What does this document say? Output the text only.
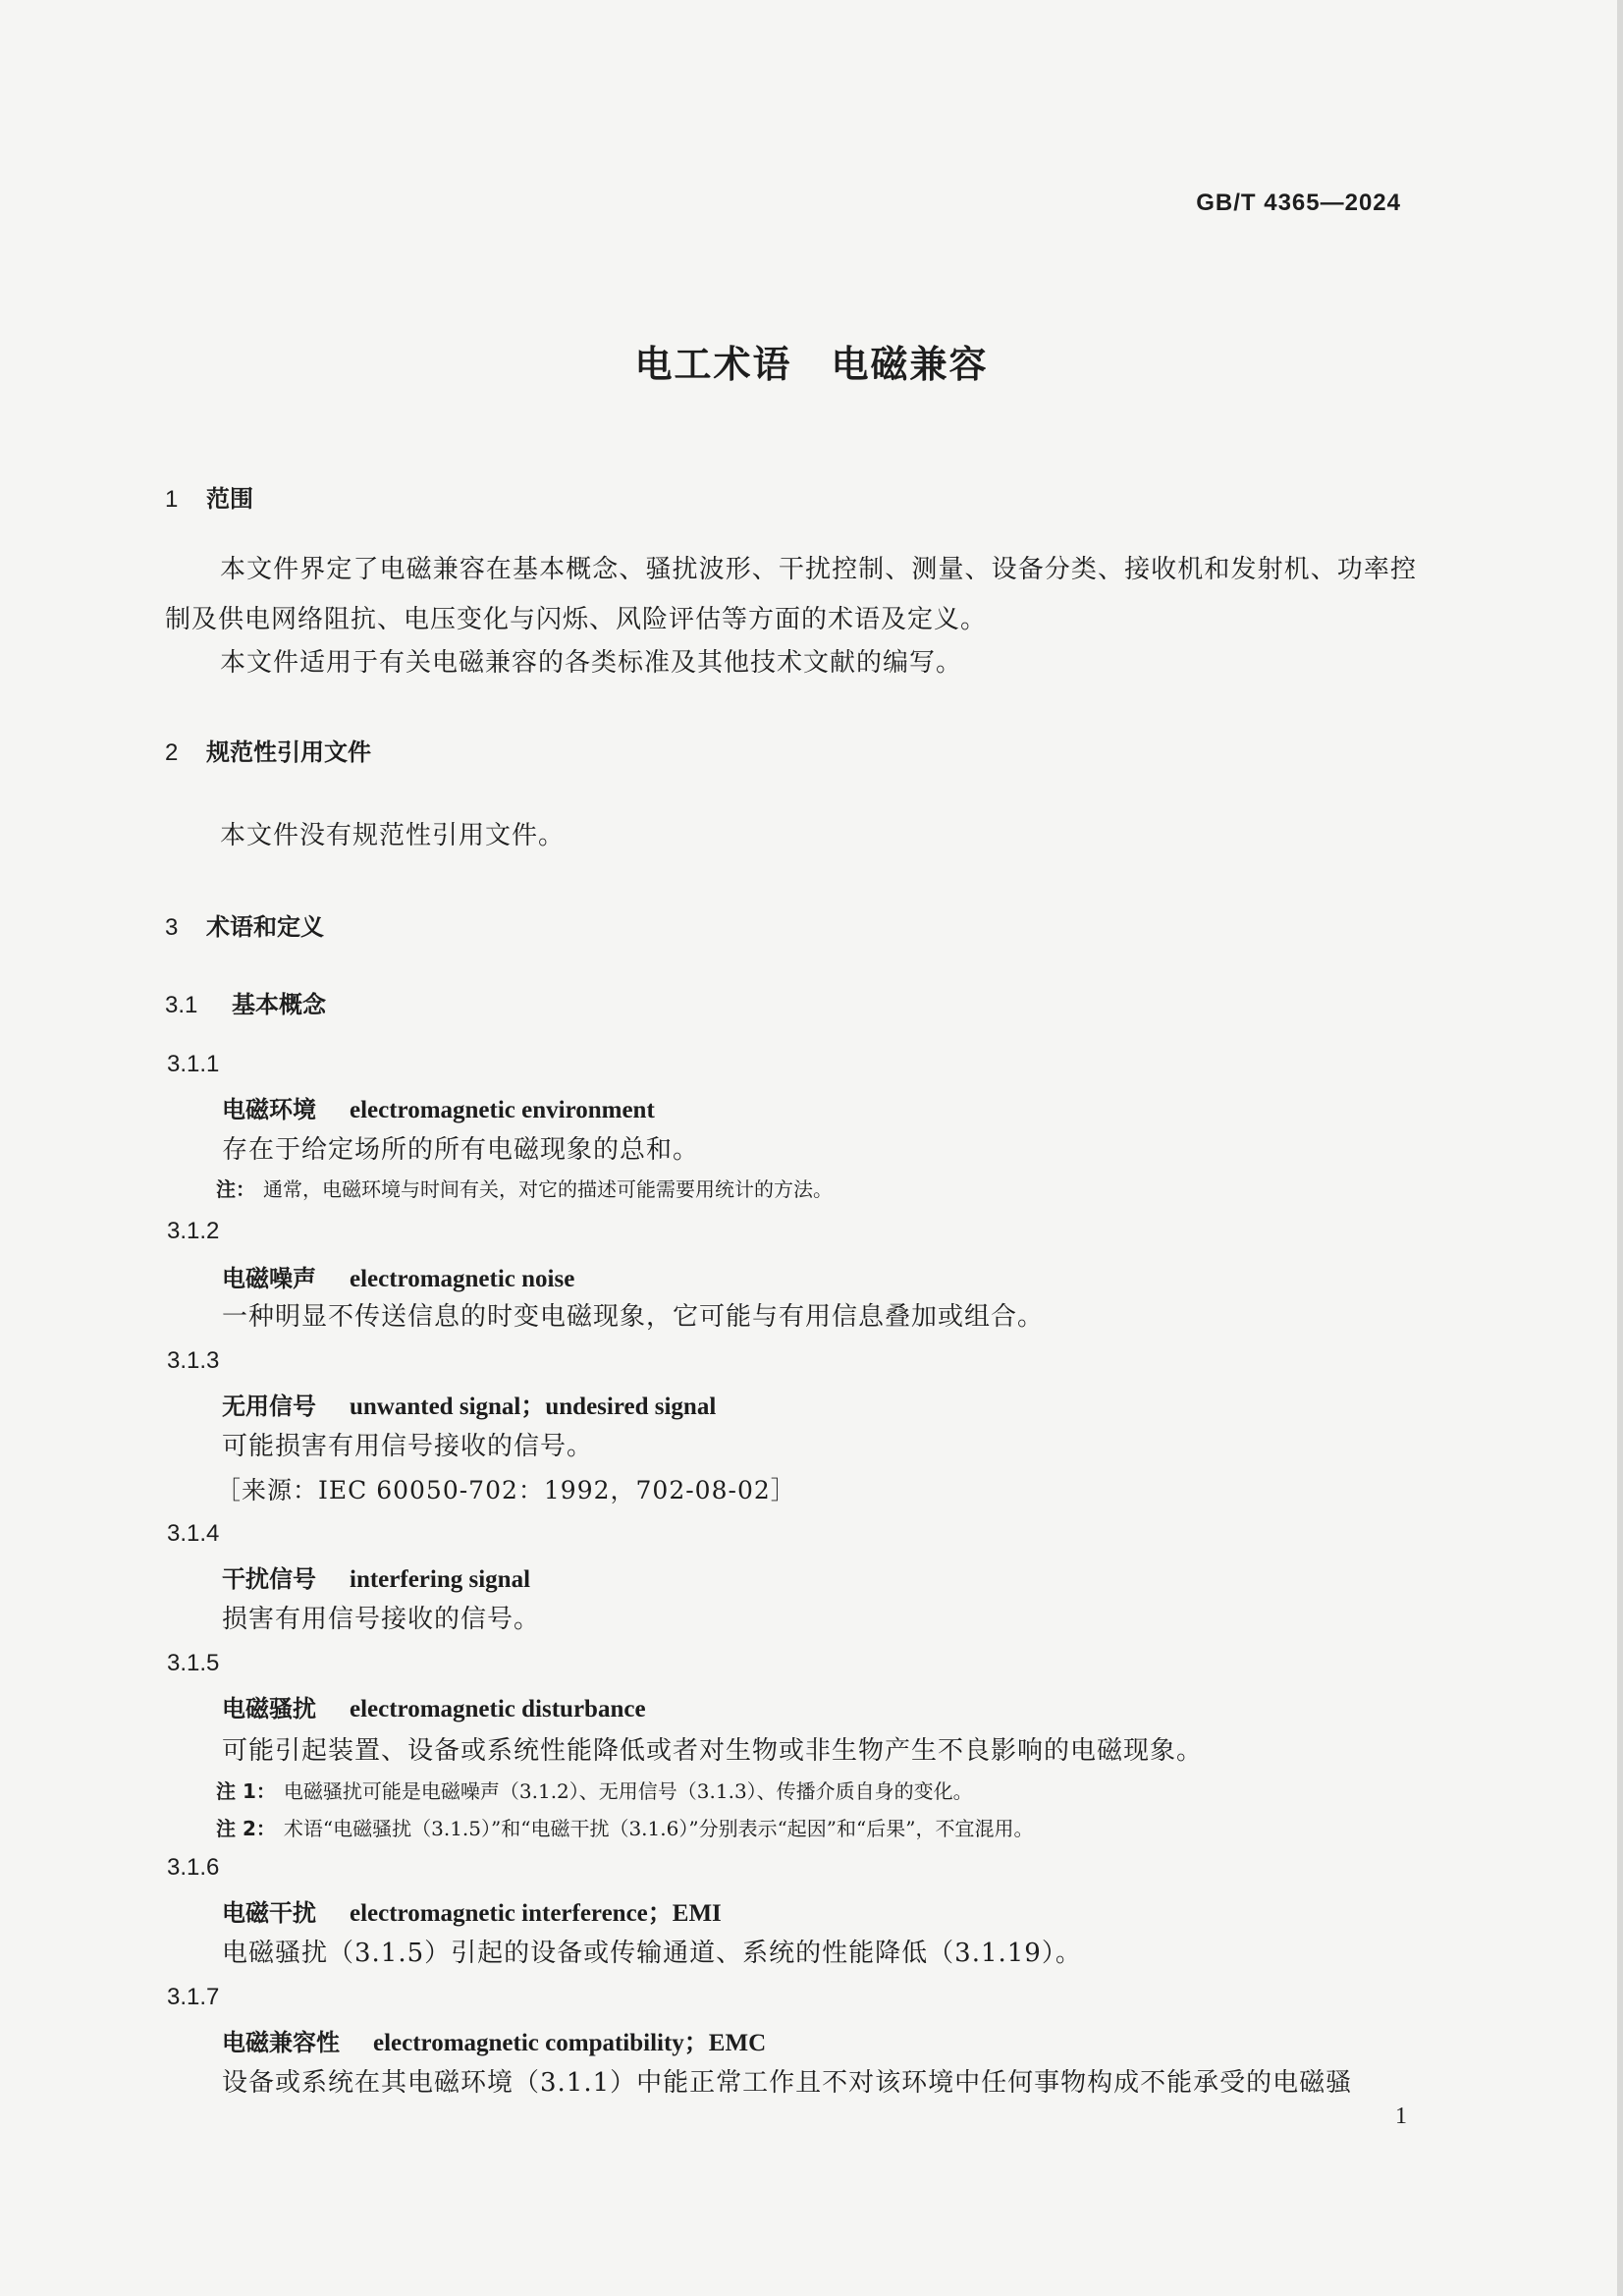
GB/T 4365—2024
电工术语　电磁兼容
1 范围
本文件界定了电磁兼容在基本概念、骚扰波形、干扰控制、测量、设备分类、接收机和发射机、功率控制及供电网络阻抗、电压变化与闪烁、风险评估等方面的术语及定义。
本文件适用于有关电磁兼容的各类标准及其他技术文献的编写。
2 规范性引用文件
本文件没有规范性引用文件。
3 术语和定义
3.1 基本概念
3.1.1
电磁环境 electromagnetic environment
存在于给定场所的所有电磁现象的总和。
注： 通常，电磁环境与时间有关，对它的描述可能需要用统计的方法。
3.1.2
电磁噪声 electromagnetic noise
一种明显不传送信息的时变电磁现象，它可能与有用信息叠加或组合。
3.1.3
无用信号 unwanted signal；undesired signal
可能损害有用信号接收的信号。
［来源：IEC 60050-702：1992，702-08-02］
3.1.4
干扰信号 interfering signal
损害有用信号接收的信号。
3.1.5
电磁骚扰 electromagnetic disturbance
可能引起装置、设备或系统性能降低或者对生物或非生物产生不良影响的电磁现象。
注 1： 电磁骚扰可能是电磁噪声（3.1.2）、无用信号（3.1.3）、传播介质自身的变化。
注 2： 术语“电磁骚扰（3.1.5）”和“电磁干扰（3.1.6）”分别表示“起因”和“后果”，不宜混用。
3.1.6
电磁干扰 electromagnetic interference；EMI
电磁骚扰（3.1.5）引起的设备或传输通道、系统的性能降低（3.1.19）。
3.1.7
电磁兼容性 electromagnetic compatibility；EMC
设备或系统在其电磁环境（3.1.1）中能正常工作且不对该环境中任何事物构成不能承受的电磁骚
1
